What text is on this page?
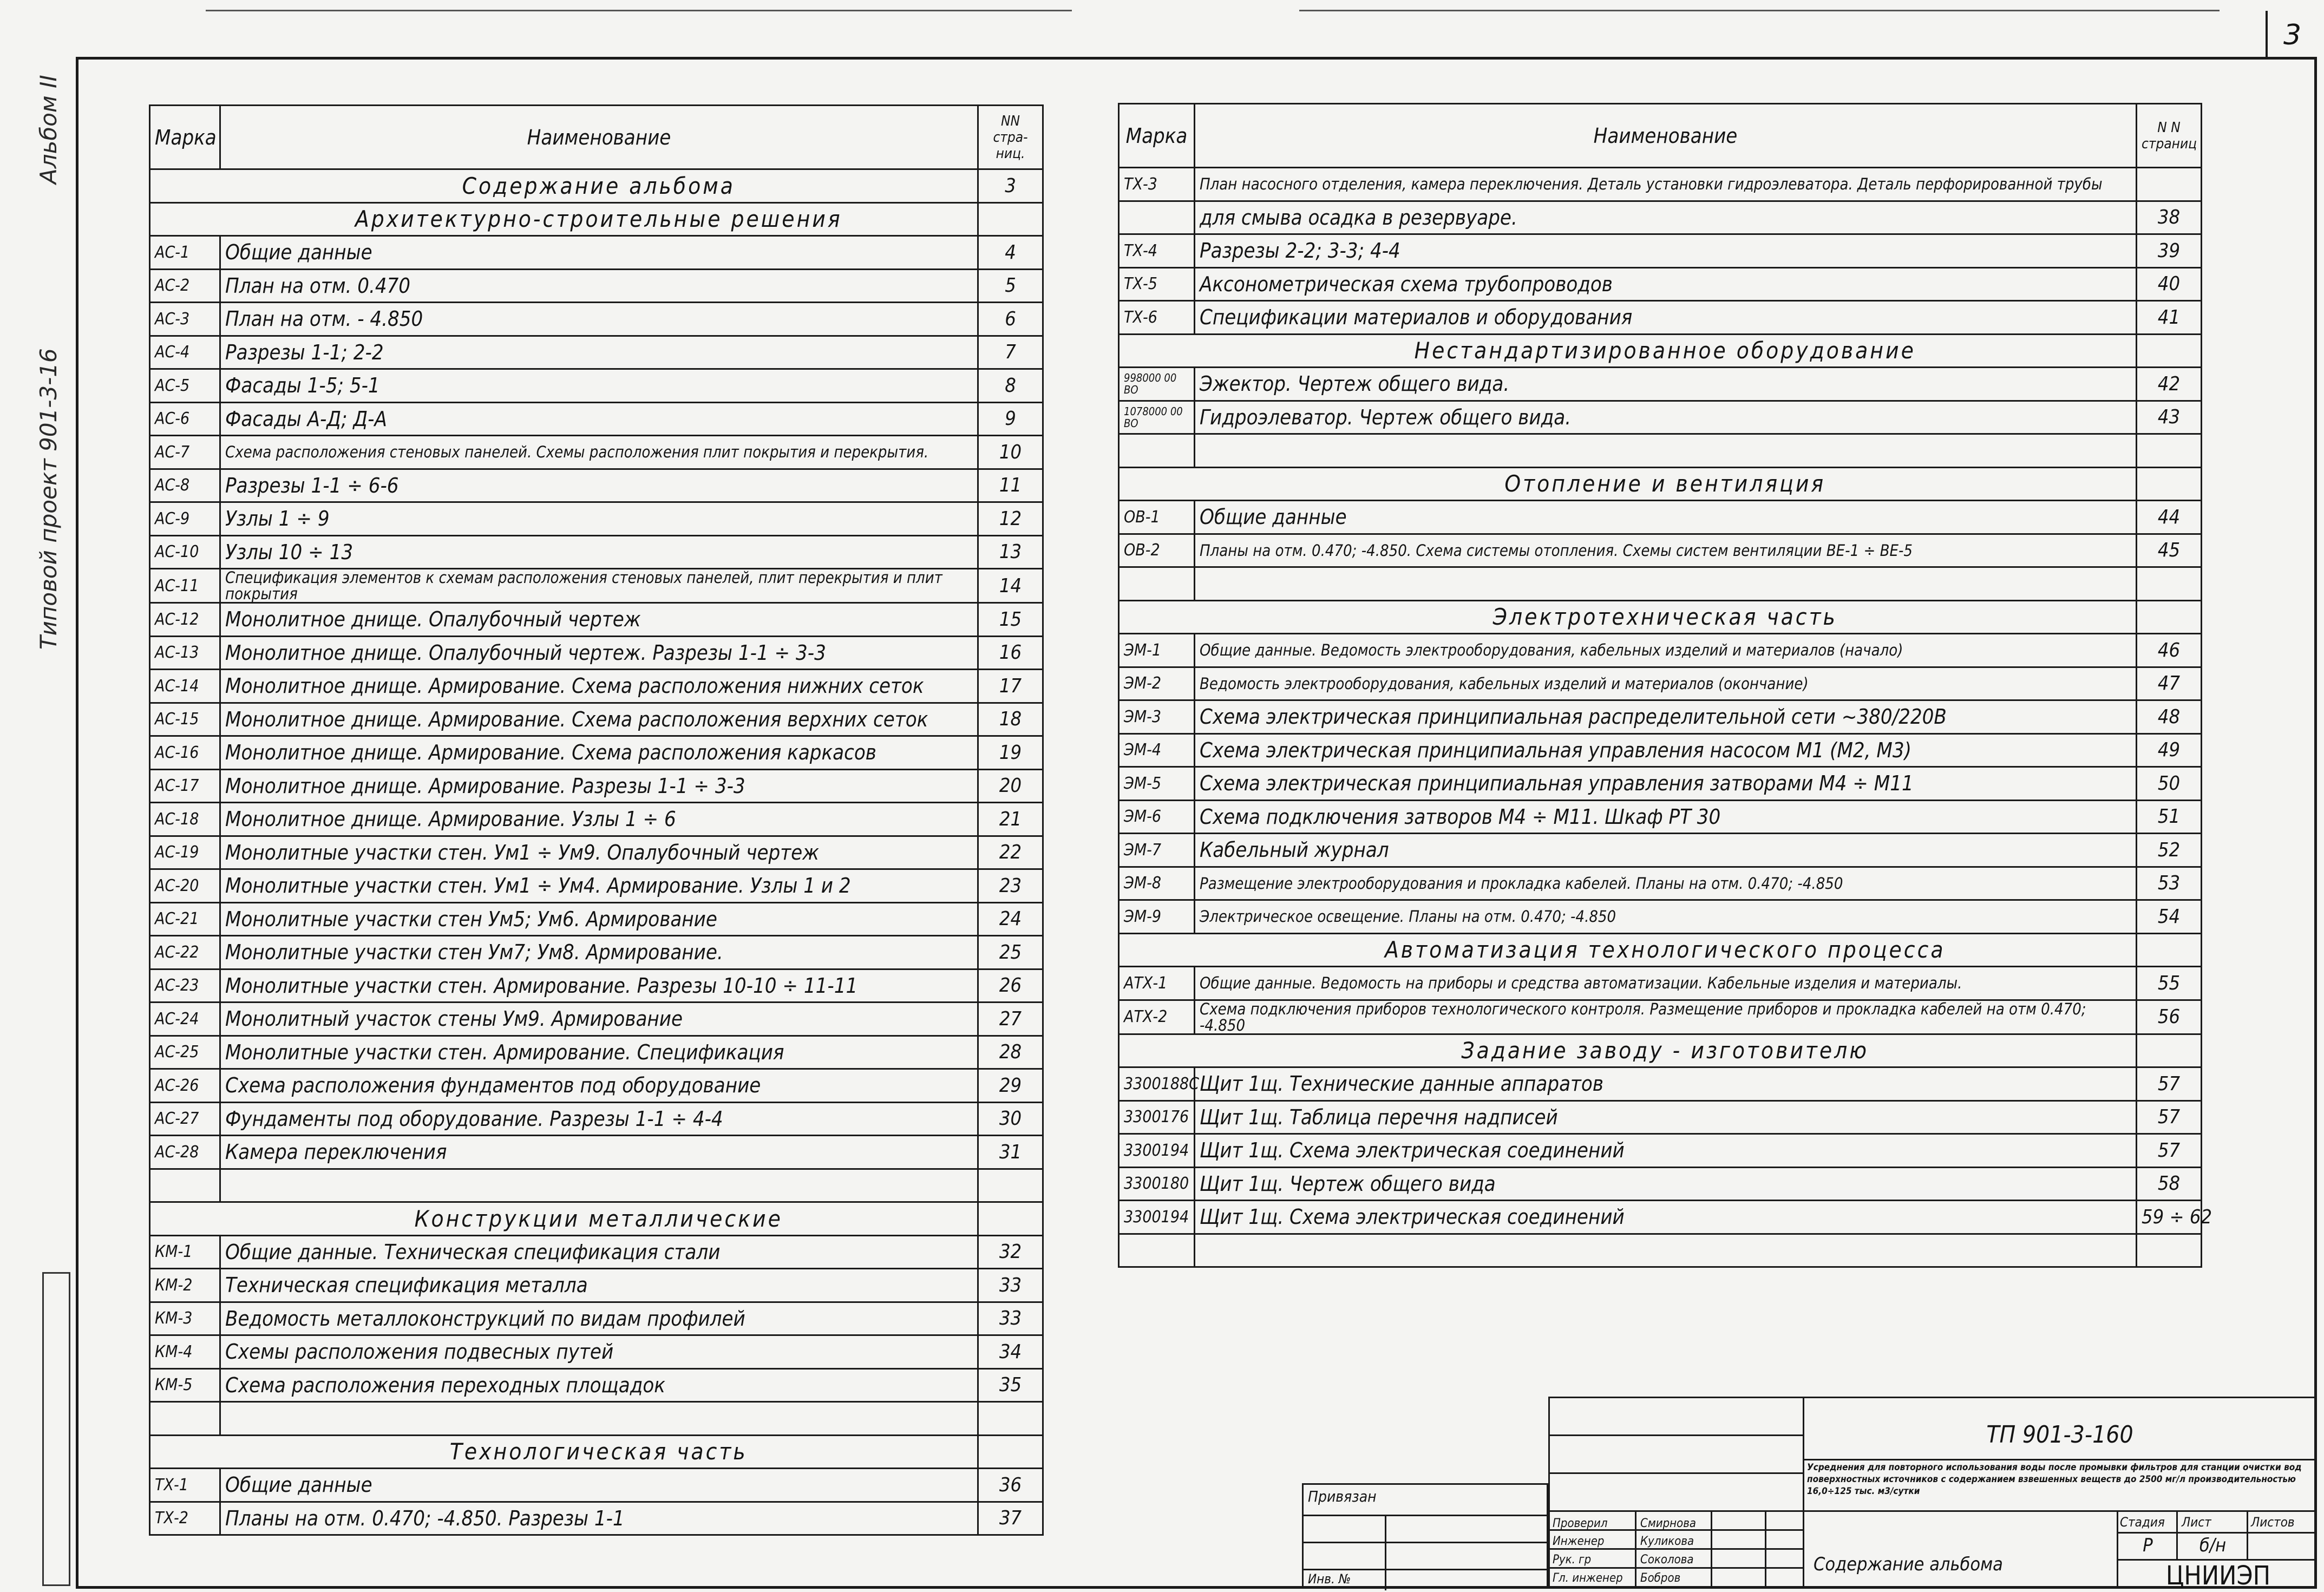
3
Альбом II
Типовой проект 901-3-16
Марка	Наименование	NN стра-ниц.
	Содержание альбома	3
	Архитектурно-строительные решения	
АС-1	Общие данные	4
АС-2	План на отм. 0.470	5
АС-3	План на отм. - 4.850	6
АС-4	Разрезы 1-1; 2-2	7
АС-5	Фасады 1-5; 5-1	8
АС-6	Фасады А-Д; Д-А	9
АС-7	Схема расположения стеновых панелей. Схемы расположения плит покрытия и перекрытия.	10
АС-8	Разрезы 1-1 ÷ 6-6	11
АС-9	Узлы 1 ÷ 9	12
АС-10	Узлы 10 ÷ 13	13
АС-11	Спецификация элементов к схемам расположения стеновых панелей, плит перекрытия и плит покрытия	14
АС-12	Монолитное днище. Опалубочный чертеж	15
АС-13	Монолитное днище. Опалубочный чертеж. Разрезы 1-1 ÷ 3-3	16
АС-14	Монолитное днище. Армирование. Схема расположения нижних сеток	17
АС-15	Монолитное днище. Армирование. Схема расположения верхних сеток	18
АС-16	Монолитное днище. Армирование. Схема расположения каркасов	19
АС-17	Монолитное днище. Армирование. Разрезы 1-1 ÷ 3-3	20
АС-18	Монолитное днище. Армирование. Узлы 1 ÷ 6	21
АС-19	Монолитные участки стен. Ум1 ÷ Ум9. Опалубочный чертеж	22
АС-20	Монолитные участки стен. Ум1 ÷ Ум4. Армирование. Узлы 1 и 2	23
АС-21	Монолитные участки стен Ум5; Ум6. Армирование	24
АС-22	Монолитные участки стен Ум7; Ум8. Армирование.	25
АС-23	Монолитные участки стен. Армирование. Разрезы 10-10 ÷ 11-11	26
АС-24	Монолитный участок стены Ум9. Армирование	27
АС-25	Монолитные участки стен. Армирование. Спецификация	28
АС-26	Схема расположения фундаментов под оборудование	29
АС-27	Фундаменты под оборудование. Разрезы 1-1 ÷ 4-4	30
АС-28	Камера переключения	31

	Конструкции металлические	
КМ-1	Общие данные. Техническая спецификация стали	32
КМ-2	Техническая спецификация металла	33
КМ-3	Ведомость металлоконструкций по видам профилей	33
КМ-4	Схемы расположения подвесных путей	34
КМ-5	Схема расположения переходных площадок	35

	Технологическая часть	
ТХ-1	Общие данные	36
ТХ-2	Планы на отм. 0.470; -4.850. Разрезы 1-1	37
Марка	Наименование	N N страниц
ТХ-3	План насосного отделения, камера переключения. Деталь установки гидроэлеватора. Деталь перфорированной трубы	
	для смыва осадка в резервуаре.	38
ТХ-4	Разрезы 2-2; 3-3; 4-4	39
ТХ-5	Аксонометрическая схема трубопроводов	40
ТХ-6	Спецификации материалов и оборудования	41
	Нестандартизированное оборудование	
998000 00 ВО	Эжектор. Чертеж общего вида.	42
1078000 00 ВО	Гидроэлеватор. Чертеж общего вида.	43

	Отопление и вентиляция	
ОВ-1	Общие данные	44
ОВ-2	Планы на отм. 0.470; -4.850. Схема системы отопления. Схемы систем вентиляции ВЕ-1 ÷ ВЕ-5	45

	Электротехническая часть	
ЭМ-1	Общие данные. Ведомость электрооборудования, кабельных изделий и материалов (начало)	46
ЭМ-2	Ведомость электрооборудования, кабельных изделий и материалов (окончание)	47
ЭМ-3	Схема электрическая принципиальная распределительной сети ~380/220В	48
ЭМ-4	Схема электрическая принципиальная управления насосом М1 (М2, М3)	49
ЭМ-5	Схема электрическая принципиальная управления затворами М4 ÷ М11	50
ЭМ-6	Схема подключения затворов М4 ÷ М11. Шкаф РТ 30	51
ЭМ-7	Кабельный журнал	52
ЭМ-8	Размещение электрооборудования и прокладка кабелей. Планы на отм. 0.470; -4.850	53
ЭМ-9	Электрическое освещение. Планы на отм. 0.470; -4.850	54
	Автоматизация технологического процесса	
АТХ-1	Общие данные. Ведомость на приборы и средства автоматизации. Кабельные изделия и материалы.	55
АТХ-2	Схема подключения приборов технологического контроля. Размещение приборов и прокладка кабелей на отм 0.470; -4.850	56
	Задание заводу - изготовителю	
3300188С	Щит 1щ. Технические данные аппаратов	57
3300176	Щит 1щ. Таблица перечня надписей	57
3300194	Щит 1щ. Схема электрическая соединений	57
3300180	Щит 1щ. Чертеж общего вида	58
3300194	Щит 1щ. Схема электрическая соединений	59 ÷ 62

ТП 901-3-160
Усреднения для повторного использования воды после промывки фильтров для станции очистки вод поверхностных источников с содержанием взвешенных веществ до 2500 мг/л производительностью 16,0÷125 тыс. м3/сутки
Проверил	Смирнова
Инженер	Куликова
Рук. гр	Соколова
Гл. инженер	Бобров
Содержание альбома
Стадия	Лист	Листов
Р	б/н
ЦНИИЭП
Привязан
Инв. №
